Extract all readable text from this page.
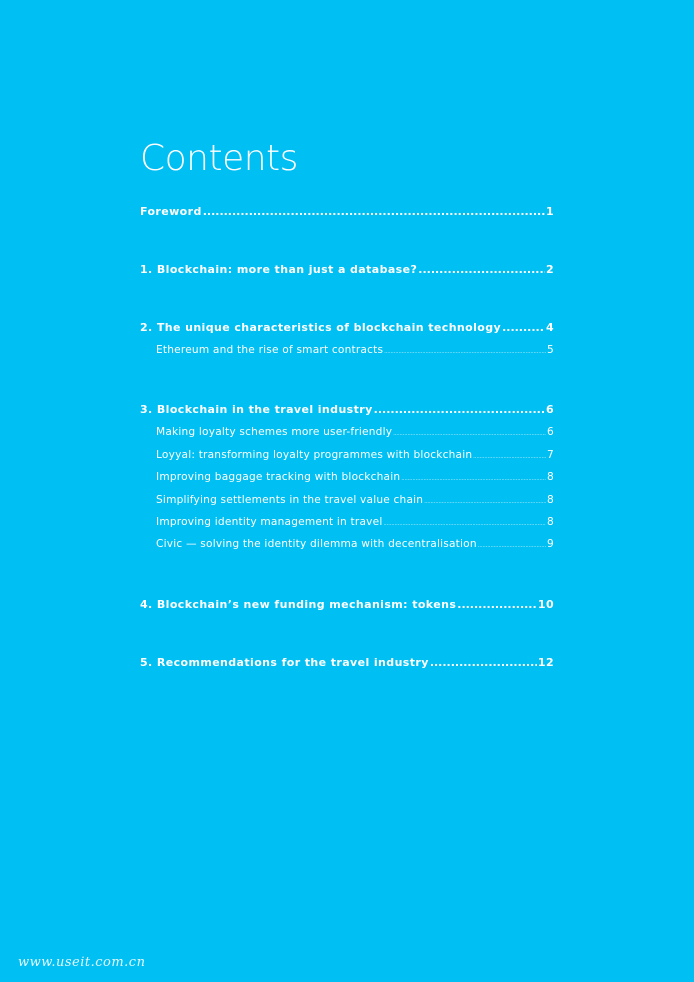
Contents
Foreword .....	1
1. Blockchain: more than just a database? .....	2
2. The unique characteristics of blockchain technology .....	4
Ethereum and the rise of smart contracts .....	5
3. Blockchain in the travel industry .....	6
Making loyalty schemes more user-friendly .....	6
Loyyal: transforming loyalty programmes with blockchain .....	7
Improving baggage tracking with blockchain .....	8
Simplifying settlements in the travel value chain .....	8
Improving identity management in travel .....	8
Civic — solving the identity dilemma with decentralisation .....	9
4. Blockchain’s new funding mechanism: tokens .....	10
5. Recommendations for the travel industry .....	12
www.useit.com.cn
